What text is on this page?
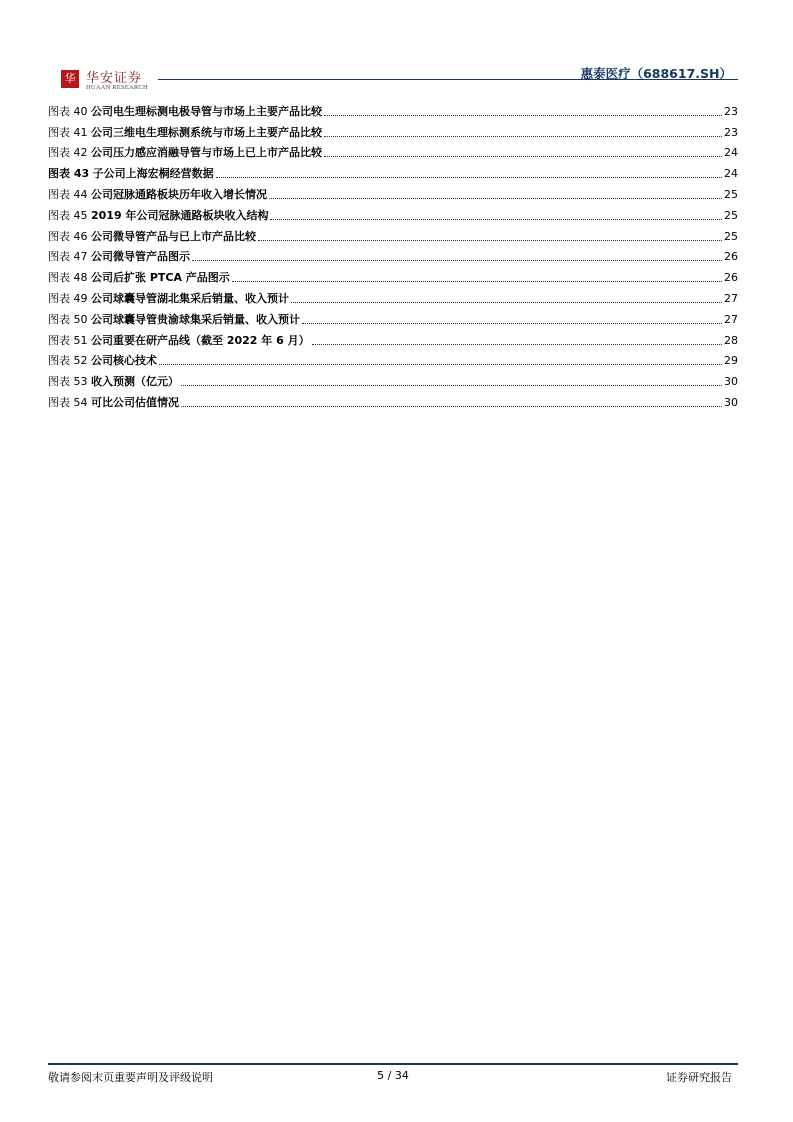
华 华安证券
HUAAN RESEARCH
惠泰医疗（688617.SH）
图表 40 公司电生理标测电极导管与市场上主要产品比较	23
图表 41 公司三维电生理标测系统与市场上主要产品比较	23
图表 42 公司压力感应消融导管与市场上已上市产品比较	24
图表 43 子公司上海宏桐经营数据	24
图表 44 公司冠脉通路板块历年收入增长情况	25
图表 45 2019 年公司冠脉通路板块收入结构	25
图表 46 公司微导管产品与已上市产品比较	25
图表 47 公司微导管产品图示	26
图表 48 公司后扩张 PTCA 产品图示	26
图表 49 公司球囊导管湖北集采后销量、收入预计	27
图表 50 公司球囊导管贵渝球集采后销量、收入预计	27
图表 51 公司重要在研产品线（截至 2022 年 6 月）	28
图表 52 公司核心技术	29
图表 53 收入预测（亿元）	30
图表 54 可比公司估值情况	30
敬请参阅末页重要声明及评级说明	5 / 34	证券研究报告
